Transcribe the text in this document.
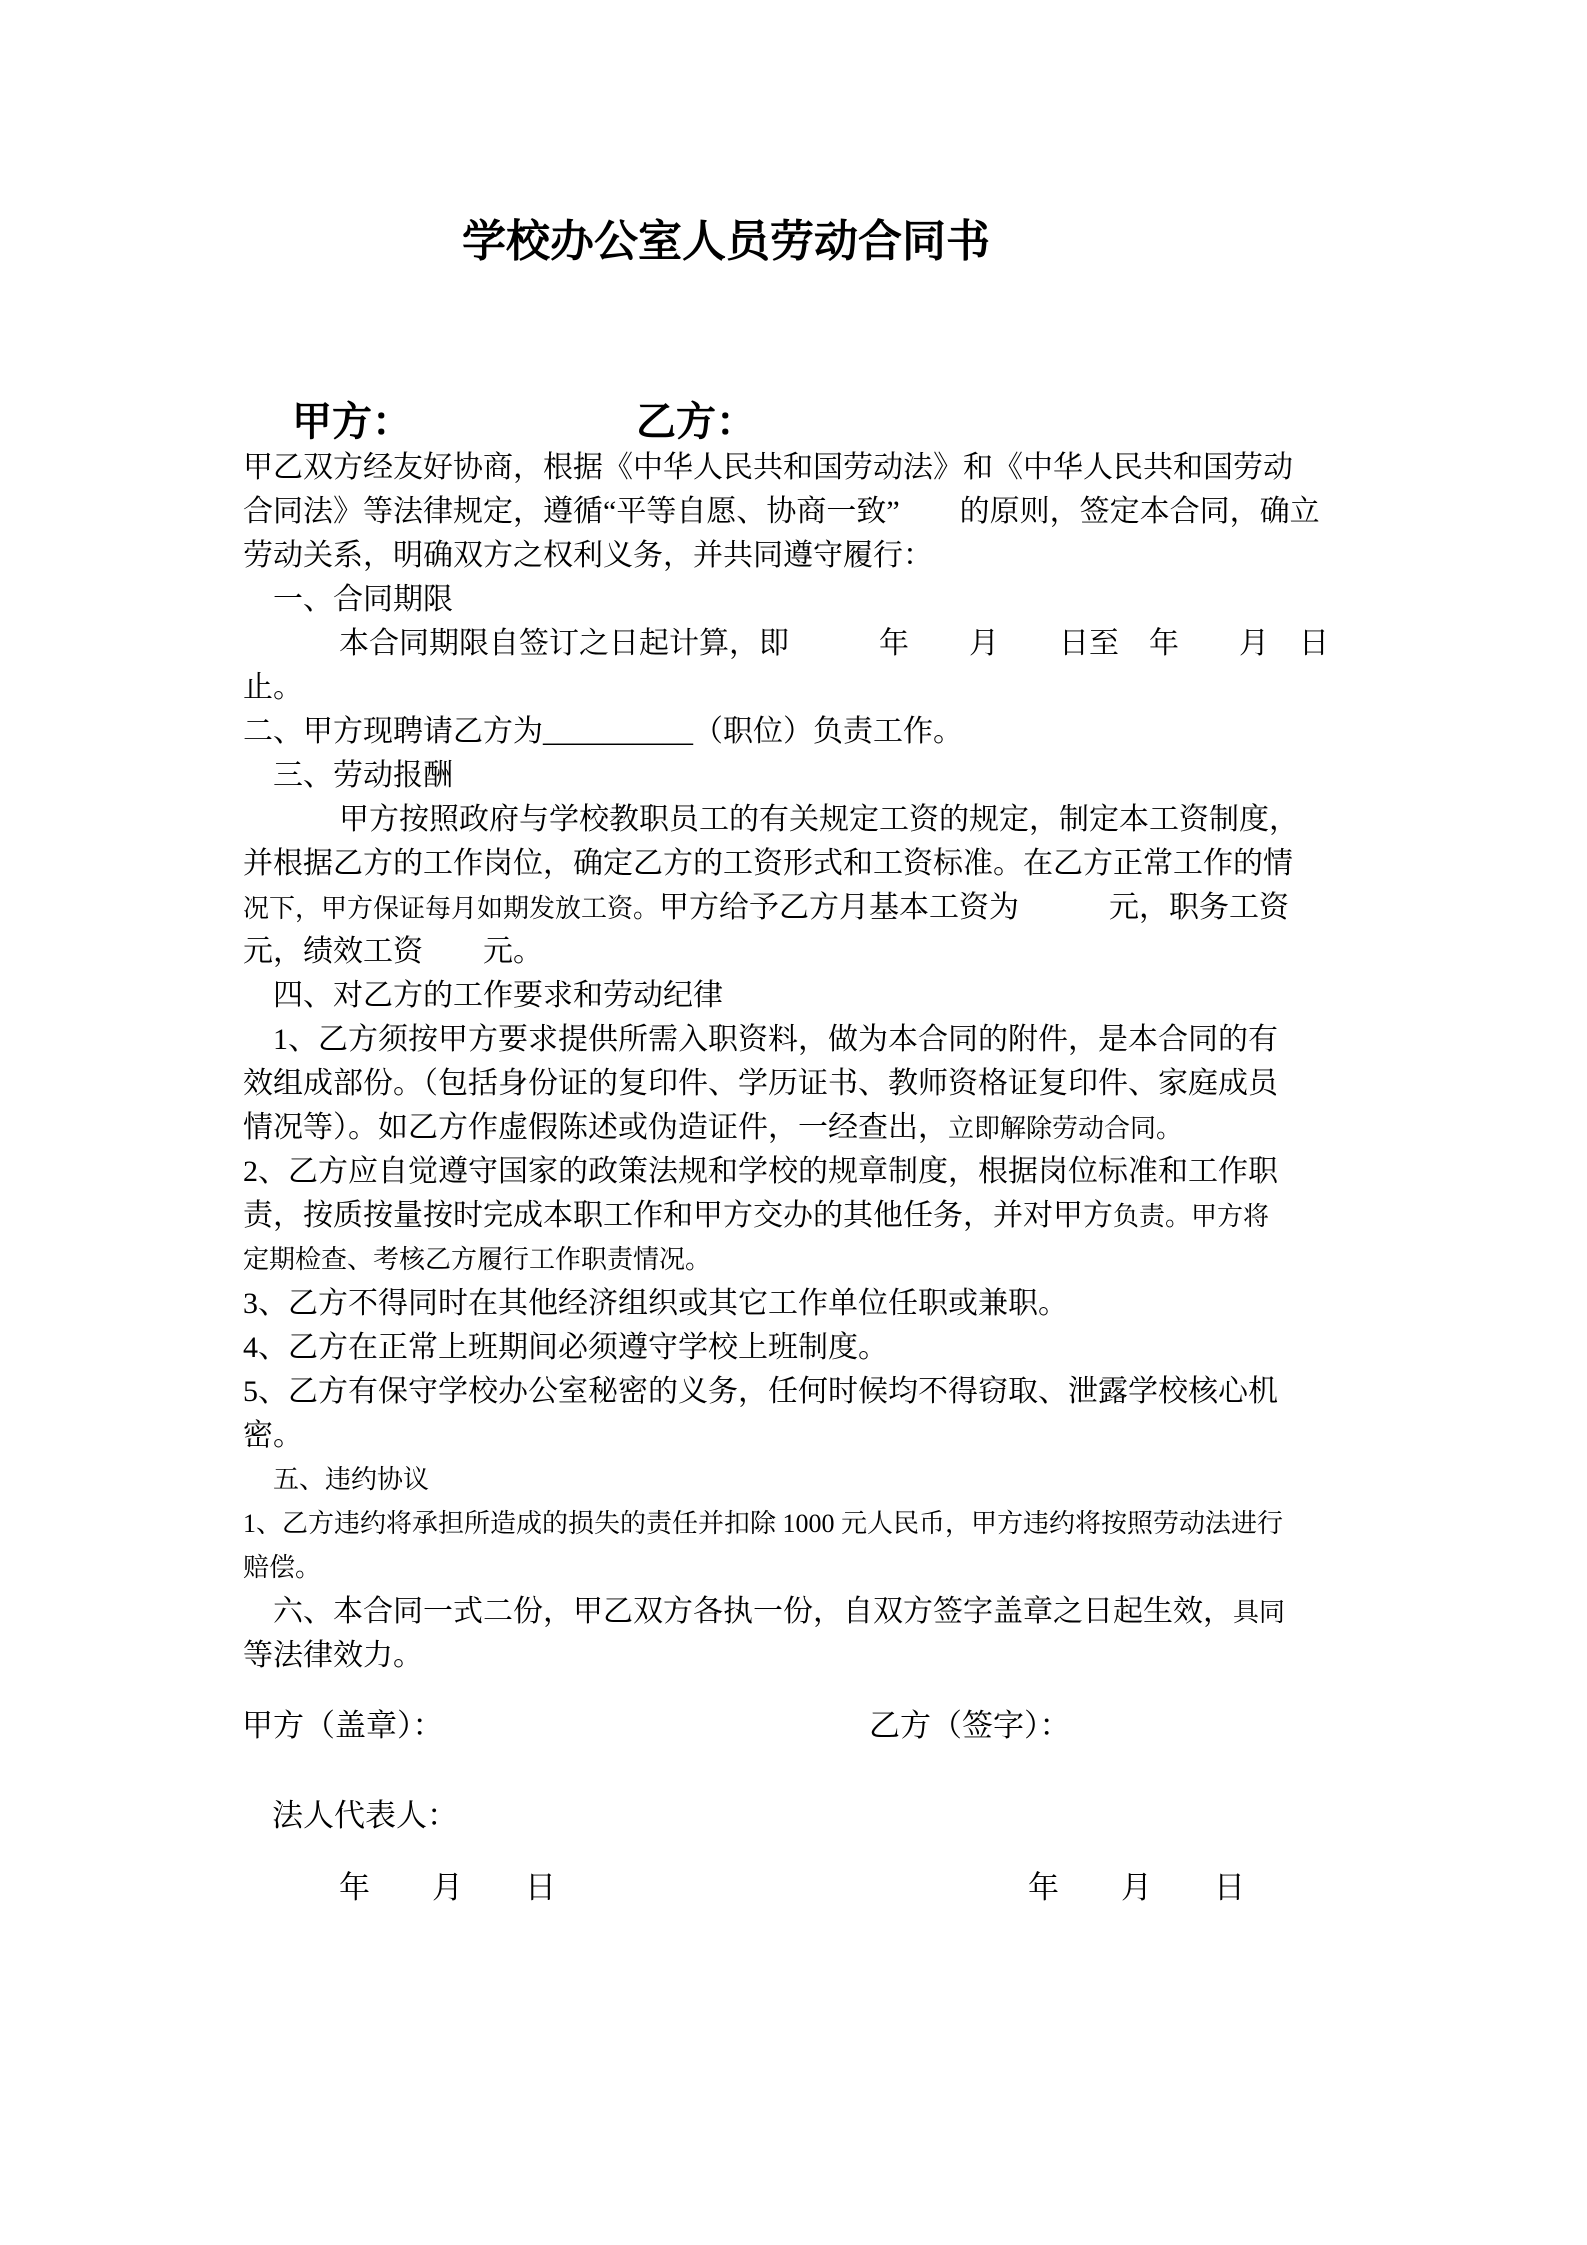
学校办公室人员劳动合同书
甲方：	乙方：
甲乙双方经友好协商，根据《中华人民共和国劳动法》和《中华人民共和国劳动
合同法》等法律规定，遵循“平等自愿、协商一致”　　的原则，签定本合同，确立
劳动关系，明确双方之权利义务，并共同遵守履行：
一、合同期限
本合同期限自签订之日起计算，即　　　年　　月　　日至　年　　月　日
止。
二、甲方现聘请乙方为__________（职位）负责工作。
三、劳动报酬
甲方按照政府与学校教职员工的有关规定工资的规定，制定本工资制度，
并根据乙方的工作岗位，确定乙方的工资形式和工资标准。在乙方正常工作的情
况下，甲方保证每月如期发放工资。甲方给予乙方月基本工资为　　　元，职务工资
元，绩效工资　　元。
四、对乙方的工作要求和劳动纪律
1、乙方须按甲方要求提供所需入职资料，做为本合同的附件，是本合同的有
效组成部份。（包括身份证的复印件、学历证书、教师资格证复印件、家庭成员
情况等）。如乙方作虚假陈述或伪造证件，一经查出，立即解除劳动合同。
2、乙方应自觉遵守国家的政策法规和学校的规章制度，根据岗位标准和工作职
责，按质按量按时完成本职工作和甲方交办的其他任务，并对甲方负责。甲方将
定期检查、考核乙方履行工作职责情况。
3、乙方不得同时在其他经济组织或其它工作单位任职或兼职。
4、乙方在正常上班期间必须遵守学校上班制度。
5、乙方有保守学校办公室秘密的义务，任何时候均不得窃取、泄露学校核心机
密。
五、违约协议
1、乙方违约将承担所造成的损失的责任并扣除 1000 元人民币，甲方违约将按照劳动法进行
赔偿。
六、本合同一式二份，甲乙双方各执一份，自双方签字盖章之日起生效，具同
等法律效力。
甲方（盖章）：	乙方（签字）：
法人代表人：
年　　月　　日	年　　月　　日
